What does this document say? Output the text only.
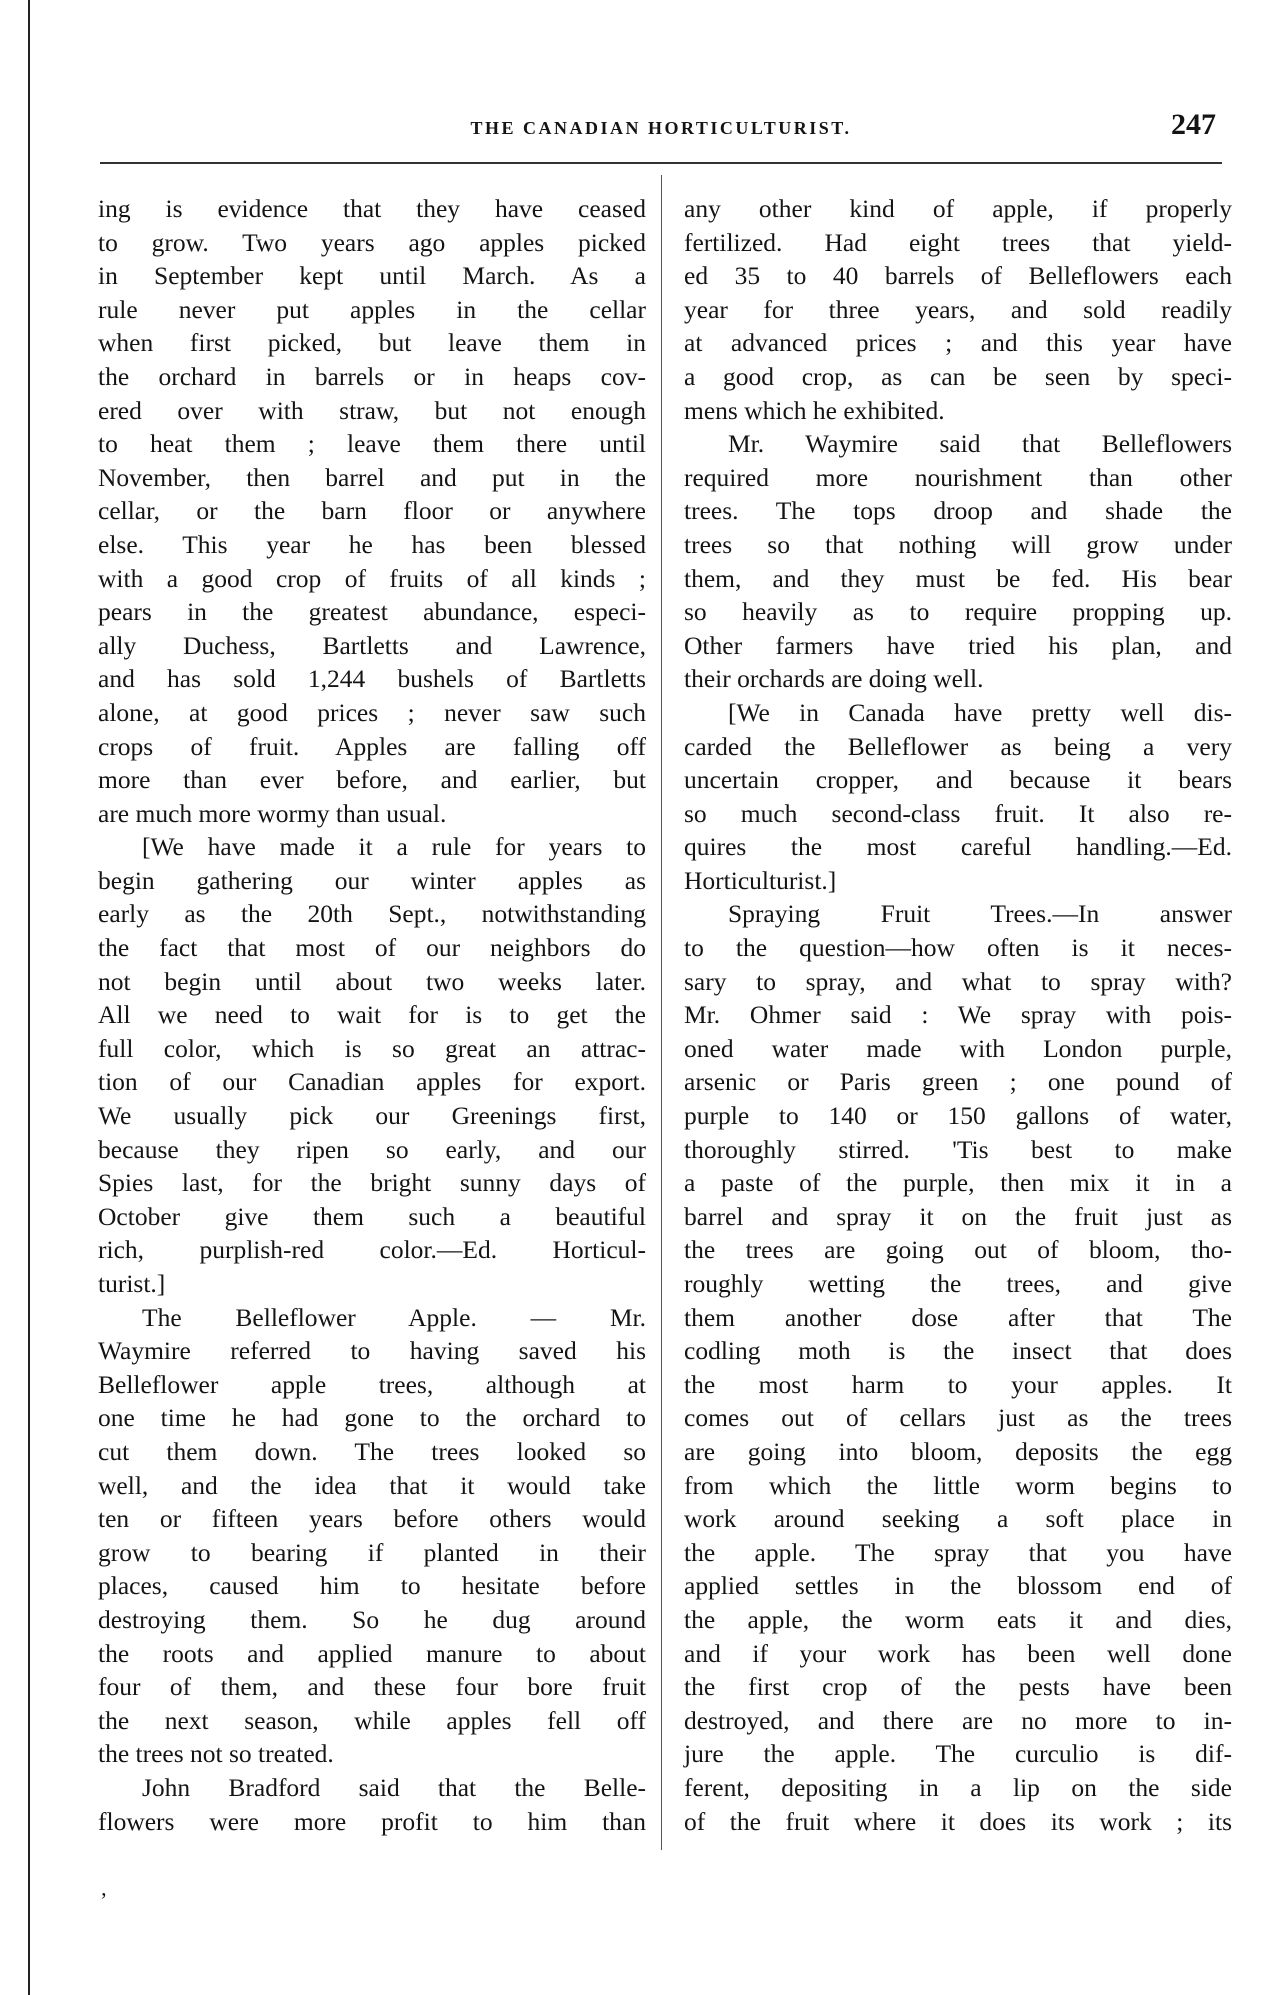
THE CANADIAN HORTICULTURIST.	247
ing is evidence that they have ceased
to grow. Two years ago apples picked
in September kept until March. As a
rule never put apples in the cellar
when first picked, but leave them in
the orchard in barrels or in heaps cov-
ered over with straw, but not enough
to heat them ; leave them there until
November, then barrel and put in the
cellar, or the barn floor or anywhere
else. This year he has been blessed
with a good crop of fruits of all kinds ;
pears in the greatest abundance, especi-
ally Duchess, Bartletts and Lawrence,
and has sold 1,244 bushels of Bartletts
alone, at good prices ; never saw such
crops of fruit. Apples are falling off
more than ever before, and earlier, but
are much more wormy than usual.
[We have made it a rule for years to
begin gathering our winter apples as
early as the 20th Sept., notwithstanding
the fact that most of our neighbors do
not begin until about two weeks later.
All we need to wait for is to get the
full color, which is so great an attrac-
tion of our Canadian apples for export.
We usually pick our Greenings first,
because they ripen so early, and our
Spies last, for the bright sunny days of
October give them such a beautiful
rich, purplish-red color.—Ed. Horticul-
turist.]
The Belleflower Apple. — Mr.
Waymire referred to having saved his
Belleflower apple trees, although at
one time he had gone to the orchard to
cut them down. The trees looked so
well, and the idea that it would take
ten or fifteen years before others would
grow to bearing if planted in their
places, caused him to hesitate before
destroying them. So he dug around
the roots and applied manure to about
four of them, and these four bore fruit
the next season, while apples fell off
the trees not so treated.
John Bradford said that the Belle-
flowers were more profit to him than
any other kind of apple, if properly
fertilized. Had eight trees that yield-
ed 35 to 40 barrels of Belleflowers each
year for three years, and sold readily
at advanced prices ; and this year have
a good crop, as can be seen by speci-
mens which he exhibited.
Mr. Waymire said that Belleflowers
required more nourishment than other
trees. The tops droop and shade the
trees so that nothing will grow under
them, and they must be fed. His bear
so heavily as to require propping up.
Other farmers have tried his plan, and
their orchards are doing well.
[We in Canada have pretty well dis-
carded the Belleflower as being a very
uncertain cropper, and because it bears
so much second-class fruit. It also re-
quires the most careful handling.—Ed.
Horticulturist.]
Spraying Fruit Trees.—In answer
to the question—how often is it neces-
sary to spray, and what to spray with?
Mr. Ohmer said : We spray with pois-
oned water made with London purple,
arsenic or Paris green ; one pound of
purple to 140 or 150 gallons of water,
thoroughly stirred. 'Tis best to make
a paste of the purple, then mix it in a
barrel and spray it on the fruit just as
the trees are going out of bloom, tho-
roughly wetting the trees, and give
them another dose after that The
codling moth is the insect that does
the most harm to your apples. It
comes out of cellars just as the trees
are going into bloom, deposits the egg
from which the little worm begins to
work around seeking a soft place in
the apple. The spray that you have
applied settles in the blossom end of
the apple, the worm eats it and dies,
and if your work has been well done
the first crop of the pests have been
destroyed, and there are no more to in-
jure the apple. The curculio is dif-
ferent, depositing in a lip on the side
of the fruit where it does its work ; its
ʼ
